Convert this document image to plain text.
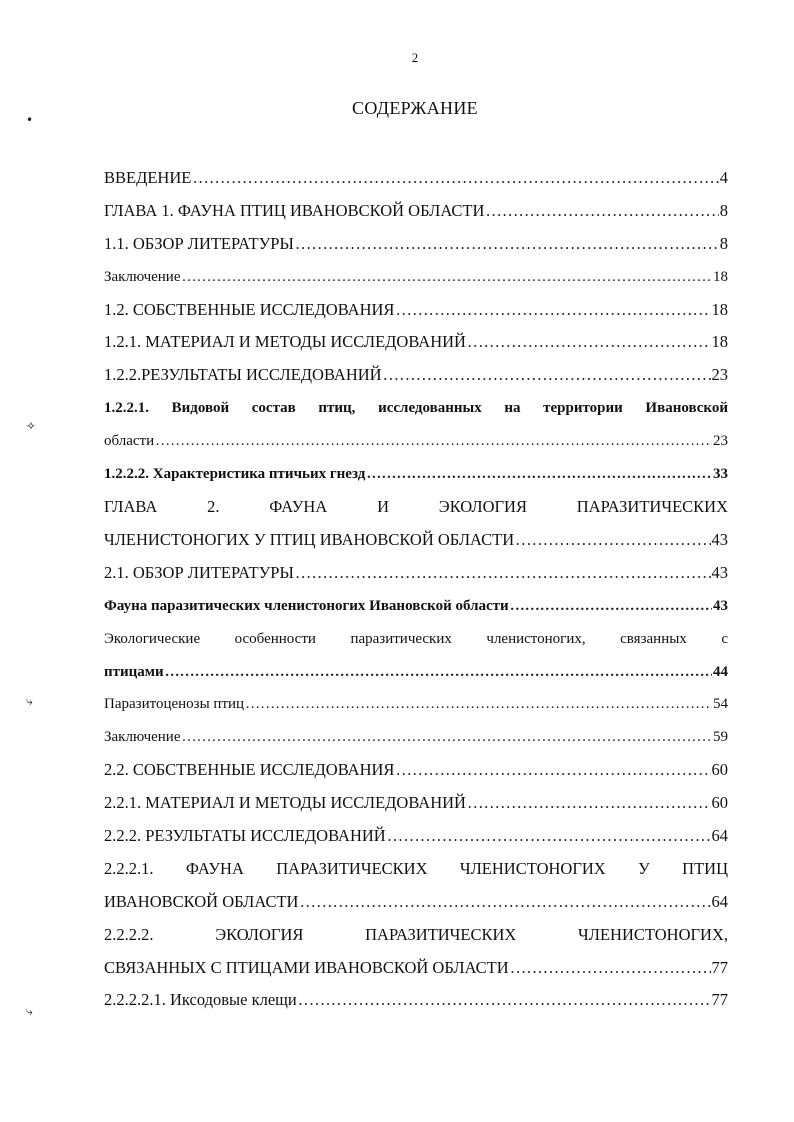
2
СОДЕРЖАНИЕ
•
⟢
⤷
⤷
ВВЕДЕНИЕ …………………………………………………………………………………………………………………………………………………………	4
ГЛАВА 1. ФАУНА ПТИЦ ИВАНОВСКОЙ ОБЛАСТИ …………………………………………………………………………………………………………………………………………………………	8
1.1. ОБЗОР ЛИТЕРАТУРЫ …………………………………………………………………………………………………………………………………………………………	8
Заключение …………………………………………………………………………………………………………………………………………………………	18
1.2. СОБСТВЕННЫЕ ИССЛЕДОВАНИЯ …………………………………………………………………………………………………………………………………………………………	18
1.2.1. МАТЕРИАЛ И МЕТОДЫ ИССЛЕДОВАНИЙ …………………………………………………………………………………………………………………………………………………………	18
1.2.2.РЕЗУЛЬТАТЫ ИССЛЕДОВАНИЙ …………………………………………………………………………………………………………………………………………………………	23
1.2.2.1. Видовой состав птиц, исследованных на территории Ивановской
области …………………………………………………………………………………………………………………………………………………………	23
1.2.2.2. Характеристика птичьих гнезд …………………………………………………………………………………………………………………………………………………………	33
ГЛАВА 2. ФАУНА И ЭКОЛОГИЯ ПАРАЗИТИЧЕСКИХ
ЧЛЕНИСТОНОГИХ У ПТИЦ ИВАНОВСКОЙ ОБЛАСТИ …………………………………………………………………………………………………………………………………………………………	43
2.1. ОБЗОР ЛИТЕРАТУРЫ …………………………………………………………………………………………………………………………………………………………	43
Фауна паразитических членистоногих Ивановской области …………………………………………………………………………………………………………………………………………………………	43
Экологические особенности паразитических членистоногих, связанных с
птицами …………………………………………………………………………………………………………………………………………………………	44
Паразитоценозы птиц …………………………………………………………………………………………………………………………………………………………	54
Заключение …………………………………………………………………………………………………………………………………………………………	59
2.2. СОБСТВЕННЫЕ ИССЛЕДОВАНИЯ …………………………………………………………………………………………………………………………………………………………	60
2.2.1. МАТЕРИАЛ И МЕТОДЫ ИССЛЕДОВАНИЙ …………………………………………………………………………………………………………………………………………………………	60
2.2.2. РЕЗУЛЬТАТЫ ИССЛЕДОВАНИЙ …………………………………………………………………………………………………………………………………………………………	64
2.2.2.1. ФАУНА ПАРАЗИТИЧЕСКИХ ЧЛЕНИСТОНОГИХ У ПТИЦ
ИВАНОВСКОЙ ОБЛАСТИ …………………………………………………………………………………………………………………………………………………………	64
2.2.2.2. ЭКОЛОГИЯ ПАРАЗИТИЧЕСКИХ ЧЛЕНИСТОНОГИХ,
СВЯЗАННЫХ С ПТИЦАМИ ИВАНОВСКОЙ ОБЛАСТИ …………………………………………………………………………………………………………………………………………………………	77
2.2.2.2.1. Иксодовые клещи …………………………………………………………………………………………………………………………………………………………	77
